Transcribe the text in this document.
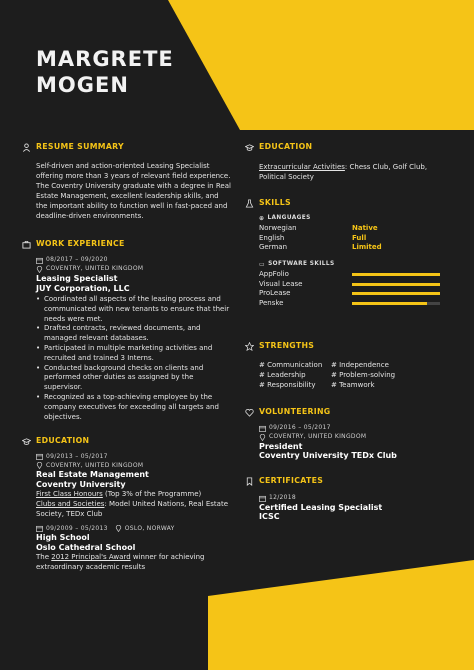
MARGRETE
MOGEN
RESUME SUMMARY
Self-driven and action-oriented Leasing Specialist offering more than 3 years of relevant field experience. The Coventry University graduate with a degree in Real Estate Management, excellent leadership skills, and the important ability to function well in fast-paced and deadline-driven environments.
WORK EXPERIENCE
08/2017 – 09/2020
COVENTRY, UNITED KINGDOM
Leasing Specialist
JUY Corporation, LLC
• Coordinated all aspects of the leasing process and communicated with new tenants to ensure that their needs were met.
• Drafted contracts, reviewed documents, and managed relevant databases.
• Participated in multiple marketing activities and recruited and trained 3 Interns.
• Conducted background checks on clients and performed other duties as assigned by the supervisor.
• Recognized as a top-achieving employee by the company executives for exceeding all targets and objectives.
EDUCATION
09/2013 – 05/2017
COVENTRY, UNITED KINGDOM
Real Estate Management
Coventry University
First Class Honours (Top 3% of the Programme)
Clubs and Societies: Model United Nations, Real Estate Society, TEDx Club
09/2009 – 05/2013	OSLO, NORWAY
High School
Oslo Cathedral School
The 2012 Principal's Award winner for achieving extraordinary academic results
EDUCATION
Extracurricular Activities: Chess Club, Golf Club, Political Society
SKILLS
⊕ LANGUAGES
Norwegian	Native
English	Full
German	Limited
▭ SOFTWARE SKILLS
AppFolio
Visual Lease
ProLease
Penske
STRENGTHS
# Communication	# Independence
# Leadership	# Problem-solving
# Responsibility	# Teamwork
VOLUNTEERING
09/2016 – 05/2017
COVENTRY, UNITED KINGDOM
President
Coventry University TEDx Club
CERTIFICATES
12/2018
Certified Leasing Specialist
ICSC
